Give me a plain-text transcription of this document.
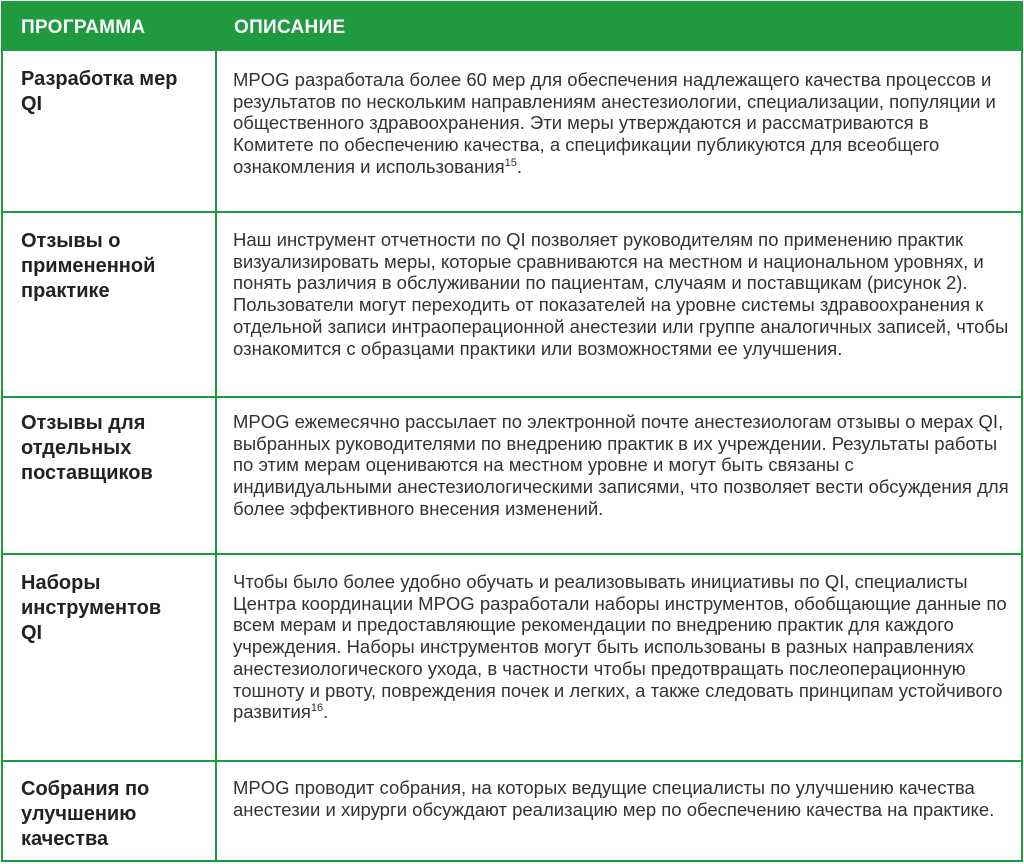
ПРОГРАММА	ОПИСАНИЕ
Разработка мер QI
MPOG разработала более 60 мер для обеспечения надлежащего качества процессов и результатов по нескольким направлениям анестезиологии, специализации, популяции и общественного здравоохранения. Эти меры утверждаются и рассматриваются в Комитете по обеспечению качества, а спецификации публикуются для всеобщего ознакомления и использования$^{15}$.
Отзывы о примененной практике
Наш инструмент отчетности по QI позволяет руководителям по применению практик визуализировать меры, которые сравниваются на местном и национальном уровнях, и понять различия в обслуживании по пациентам, случаям и поставщикам (рисунок 2). Пользователи могут переходить от показателей на уровне системы здравоохранения к отдельной записи интраоперационной анестезии или группе аналогичных записей, чтобы ознакомится с образцами практики или возможностями ее улучшения.
Отзывы для отдельных поставщиков
MPOG ежемесячно рассылает по электронной почте анестезиологам отзывы о мерах QI, выбранных руководителями по внедрению практик в их учреждении. Результаты работы по этим мерам оцениваются на местном уровне и могут быть связаны с индивидуальными анестезиологическими записями, что позволяет вести обсуждения для более эффективного внесения изменений.
Наборы инструментов QI
Чтобы было более удобно обучать и реализовывать инициативы по QI, специалисты Центра координации MPOG разработали наборы инструментов, обобщающие данные по всем мерам и предоставляющие рекомендации по внедрению практик для каждого учреждения. Наборы инструментов могут быть использованы в разных направлениях анестезиологического ухода, в частности чтобы предотвращать послеоперационную тошноту и рвоту, повреждения почек и легких, а также следовать принципам устойчивого развития$^{16}$.
Собрания по улучшению качества
MPOG проводит собрания, на которых ведущие специалисты по улучшению качества анестезии и хирурги обсуждают реализацию мер по обеспечению качества на практике.
